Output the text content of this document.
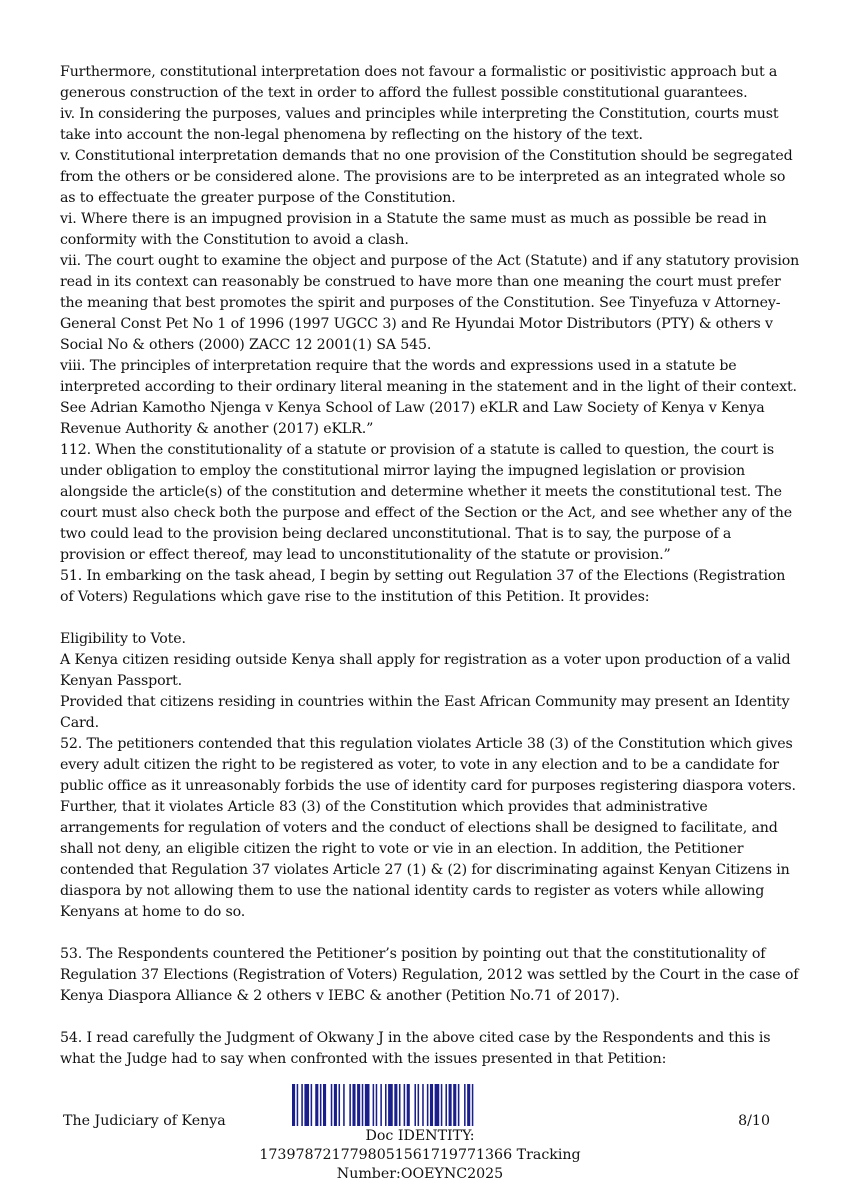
Furthermore, constitutional interpretation does not favour a formalistic or positivistic approach but a generous construction of the text in order to afford the fullest possible constitutional guarantees.

iv. In considering the purposes, values and principles while interpreting the Constitution, courts must take into account the non-legal phenomena by reflecting on the history of the text.

v. Constitutional interpretation demands that no one provision of the Constitution should be segregated from the others or be considered alone. The provisions are to be interpreted as an integrated whole so as to effectuate the greater purpose of the Constitution.

vi. Where there is an impugned provision in a Statute the same must as much as possible be read in conformity with the Constitution to avoid a clash.

vii. The court ought to examine the object and purpose of the Act (Statute) and if any statutory provision read in its context can reasonably be construed to have more than one meaning the court must prefer the meaning that best promotes the spirit and purposes of the Constitution. See Tinyefuza v Attorney-General Const Pet No 1 of 1996 (1997 UGCC 3) and Re Hyundai Motor Distributors (PTY) & others v Social No & others (2000) ZACC 12 2001(1) SA 545.

viii. The principles of interpretation require that the words and expressions used in a statute be interpreted according to their ordinary literal meaning in the statement and in the light of their context. See Adrian Kamotho Njenga v Kenya School of Law (2017) eKLR and Law Society of Kenya v Kenya Revenue Authority & another (2017) eKLR.”

112. When the constitutionality of a statute or provision of a statute is called to question, the court is under obligation to employ the constitutional mirror laying the impugned legislation or provision alongside the article(s) of the constitution and determine whether it meets the constitutional test. The court must also check both the purpose and effect of the Section or the Act, and see whether any of the two could lead to the provision being declared unconstitutional. That is to say, the purpose of a provision or effect thereof, may lead to unconstitutionality of the statute or provision.”

51. In embarking on the task ahead, I begin by setting out Regulation 37 of the Elections (Registration of Voters) Regulations which gave rise to the institution of this Petition. It provides:

Eligibility to Vote.

A Kenya citizen residing outside Kenya shall apply for registration as a voter upon production of a valid Kenyan Passport.

Provided that citizens residing in countries within the East African Community may present an Identity Card.

52. The petitioners contended that this regulation violates Article 38 (3) of the Constitution which gives every adult citizen the right to be registered as voter, to vote in any election and to be a candidate for public office as it unreasonably forbids the use of identity card for purposes registering diaspora voters. Further, that it violates Article 83 (3) of the Constitution which provides that administrative arrangements for regulation of voters and the conduct of elections shall be designed to facilitate, and shall not deny, an eligible citizen the right to vote or vie in an election. In addition, the Petitioner contended that Regulation 37 violates Article 27 (1) & (2) for discriminating against Kenyan Citizens in diaspora by not allowing them to use the national identity cards to register as voters while allowing Kenyans at home to do so.

53. The Respondents countered the Petitioner’s position by pointing out that the constitutionality of Regulation 37 Elections (Registration of Voters) Regulation, 2012 was settled by the Court in the case of Kenya Diaspora Alliance & 2 others v IEBC & another (Petition No.71 of 2017).

54. I read carefully the Judgment of Okwany J in the above cited case by the Respondents and this is what the Judge had to say when confronted with the issues presented in that Petition:

The Judiciary of Kenya
Doc IDENTITY: 1739787217798051561719771366 Tracking Number:OOEYNC2025
8/10
